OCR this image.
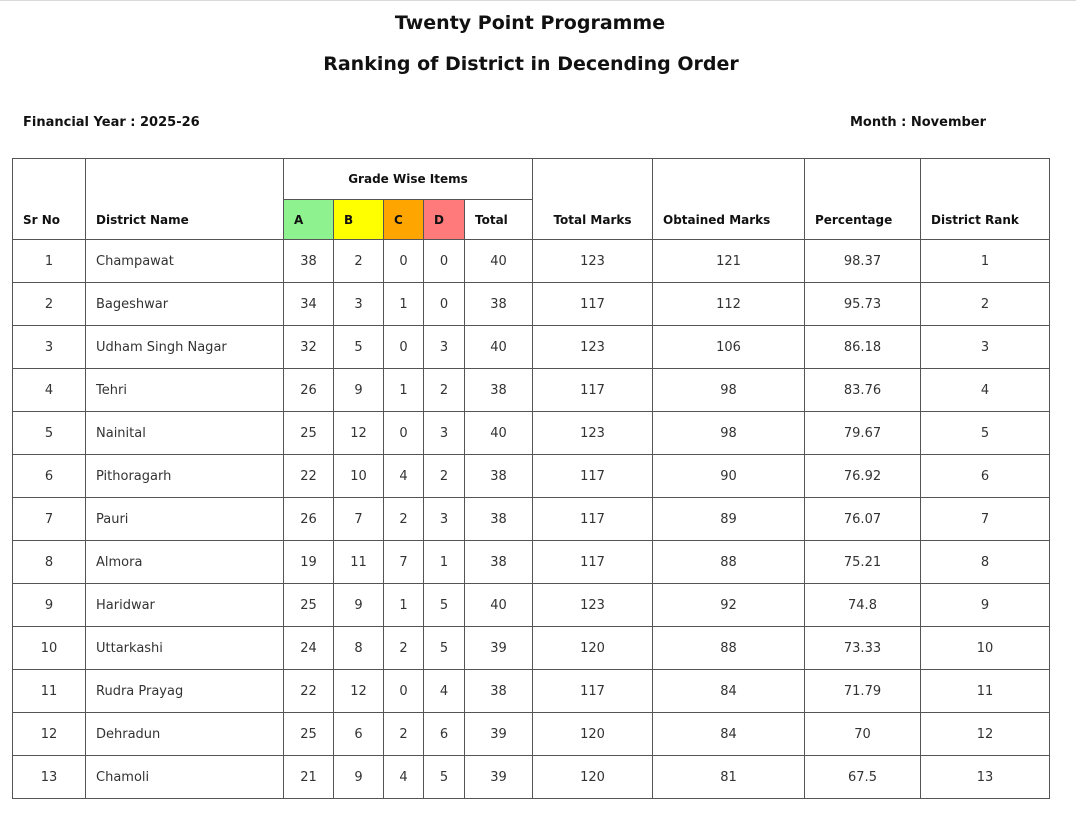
Twenty Point Programme
Ranking of District in Decending Order
Financial Year : 2025-26	Month : November
Sr No	District Name	Grade Wise Items					Total Marks	Obtained Marks	Percentage	District Rank
		A	B	C	D	Total				
1	Champawat	38	2	0	0	40	123	121	98.37	1
2	Bageshwar	34	3	1	0	38	117	112	95.73	2
3	Udham Singh Nagar	32	5	0	3	40	123	106	86.18	3
4	Tehri	26	9	1	2	38	117	98	83.76	4
5	Nainital	25	12	0	3	40	123	98	79.67	5
6	Pithoragarh	22	10	4	2	38	117	90	76.92	6
7	Pauri	26	7	2	3	38	117	89	76.07	7
8	Almora	19	11	7	1	38	117	88	75.21	8
9	Haridwar	25	9	1	5	40	123	92	74.8	9
10	Uttarkashi	24	8	2	5	39	120	88	73.33	10
11	Rudra Prayag	22	12	0	4	38	117	84	71.79	11
12	Dehradun	25	6	2	6	39	120	84	70	12
13	Chamoli	21	9	4	5	39	120	81	67.5	13
